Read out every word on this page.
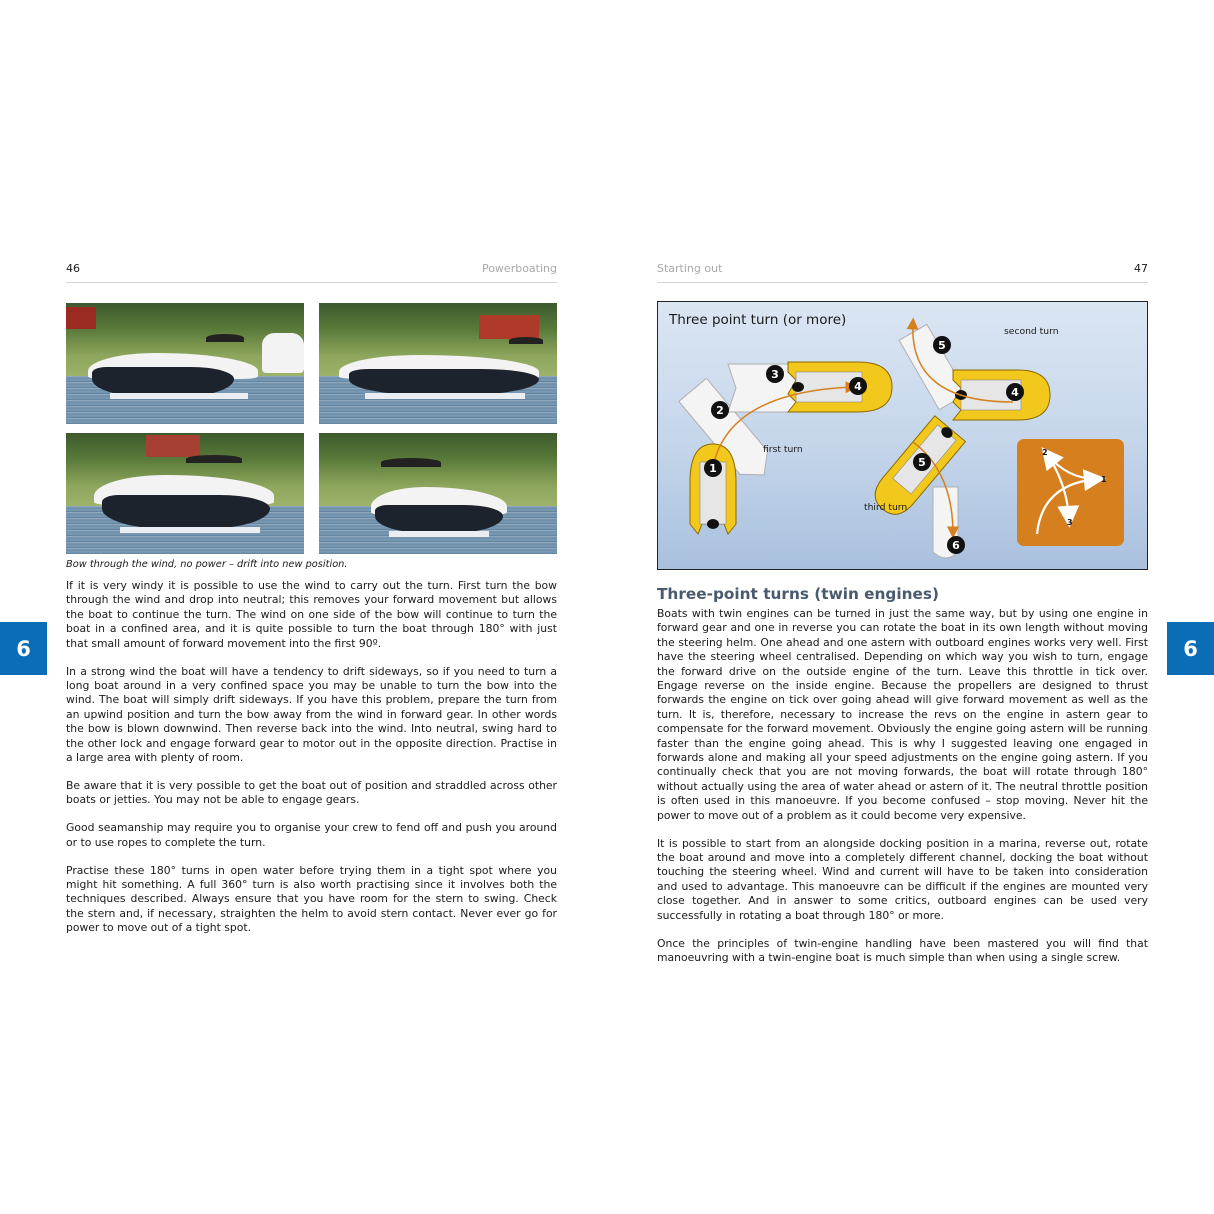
46	Powerboating
Bow through the wind, no power – drift into new position.

If it is very windy it is possible to use the wind to carry out the turn. First turn the bow through the wind and drop into neutral; this removes your forward movement but allows the boat to continue the turn. The wind on one side of the bow will continue to turn the boat in a confined area, and it is quite possible to turn the boat through 180° with just that small amount of forward movement into the first 90º.

In a strong wind the boat will have a tendency to drift sideways, so if you need to turn a long boat around in a very confined space you may be unable to turn the bow into the wind. The boat will simply drift sideways. If you have this problem, prepare the turn from an upwind position and turn the bow away from the wind in forward gear. In other words the bow is blown downwind. Then reverse back into the wind. Into neutral, swing hard to the other lock and engage forward gear to motor out in the opposite direction. Practise in a large area with plenty of room.

Be aware that it is very possible to get the boat out of position and straddled across other boats or jetties. You may not be able to engage gears.

Good seamanship may require you to organise your crew to fend off and push you around or to use ropes to complete the turn.

Practise these 180° turns in open water before trying them in a tight spot where you might hit something. A full 360° turn is also worth practising since it involves both the techniques described. Always ensure that you have room for the stern to swing. Check the stern and, if necessary, straighten the helm to avoid stern contact. Never ever go for power to move out of a tight spot.

6
Starting out	47
1
2
3
4
5
4
5
6
Three point turn (or more)
second turn
first turn
third turn
1
2
3
Three-point turns (twin engines)

Boats with twin engines can be turned in just the same way, but by using one engine in forward gear and one in reverse you can rotate the boat in its own length without moving the steering helm. One ahead and one astern with outboard engines works very well. First have the steering wheel centralised. Depending on which way you wish to turn, engage the forward drive on the outside engine of the turn. Leave this throttle in tick over. Engage reverse on the inside engine. Because the propellers are designed to thrust forwards the engine on tick over going ahead will give forward movement as well as the turn. It is, therefore, necessary to increase the revs on the engine in astern gear to compensate for the forward movement. Obviously the engine going astern will be running faster than the engine going ahead. This is why I suggested leaving one engaged in forwards alone and making all your speed adjustments on the engine going astern. If you continually check that you are not moving forwards, the boat will rotate through 180° without actually using the area of water ahead or astern of it. The neutral throttle position is often used in this manoeuvre. If you become confused – stop moving. Never hit the power to move out of a problem as it could become very expensive.

It is possible to start from an alongside docking position in a marina, reverse out, rotate the boat around and move into a completely different channel, docking the boat without touching the steering wheel. Wind and current will have to be taken into consideration and used to advantage. This manoeuvre can be difficult if the engines are mounted very close together. And in answer to some critics, outboard engines can be used very successfully in rotating a boat through 180° or more.

Once the principles of twin-engine handling have been mastered you will find that manoeuvring with a twin-engine boat is much simple than when using a single screw.

6
